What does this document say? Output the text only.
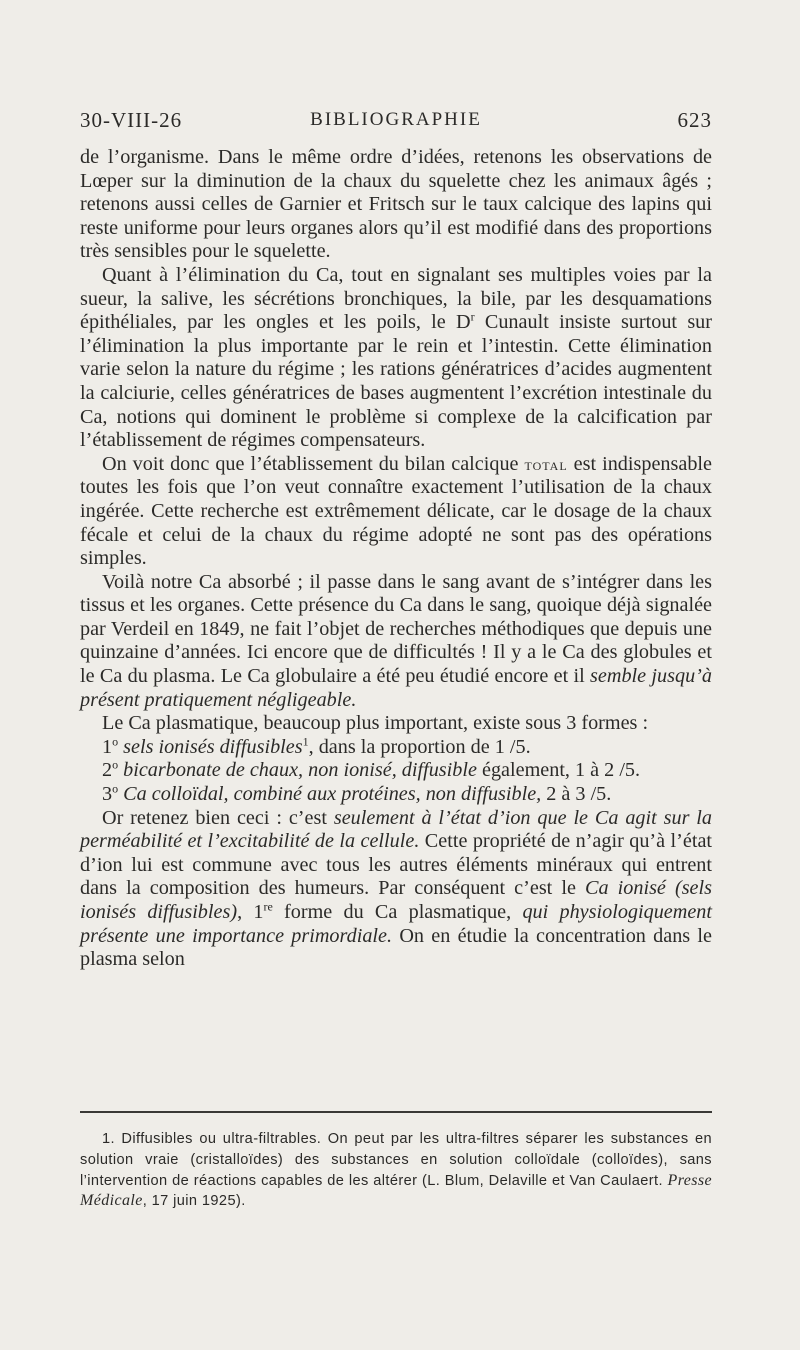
30-VIII-26	BIBLIOGRAPHIE	623

de l’organisme. Dans le même ordre d’idées, retenons les observations de Lœper sur la diminution de la chaux du squelette chez les animaux âgés ; retenons aussi celles de Garnier et Fritsch sur le taux calcique des lapins qui reste uniforme pour leurs organes alors qu’il est modifié dans des proportions très sensibles pour le squelette.

Quant à l’élimination du Ca, tout en signalant ses multiples voies par la sueur, la salive, les sécrétions bronchiques, la bile, par les desquamations épithéliales, par les ongles et les poils, le $D^r$ Cunault insiste surtout sur l’élimination la plus importante par le rein et l’intestin. Cette élimination varie selon la nature du régime ; les rations génératrices d’acides augmentent la calciurie, celles génératrices de bases augmentent l’excrétion intestinale du Ca, notions qui dominent le problème si complexe de la calcification par l’établissement de régimes compensateurs.

On voit donc que l’établissement du bilan calcique total est indispensable toutes les fois que l’on veut connaître exactement l’utilisation de la chaux ingérée. Cette recherche est extrêmement délicate, car le dosage de la chaux fécale et celui de la chaux du régime adopté ne sont pas des opérations simples.

Voilà notre Ca absorbé ; il passe dans le sang avant de s’intégrer dans les tissus et les organes. Cette présence du Ca dans le sang, quoique déjà signalée par Verdeil en 1849, ne fait l’objet de recherches méthodiques que depuis une quinzaine d’années. Ici encore que de difficultés ! Il y a le Ca des globules et le Ca du plasma. Le Ca globulaire a été peu étudié encore et il semble jusqu’à présent pratiquement négligeable.

Le Ca plasmatique, beaucoup plus important, existe sous 3 formes :

1$^o$ sels ionisés diffusibles$^1$, dans la proportion de 1 /5.

2$^o$ bicarbonate de chaux, non ionisé, diffusible également, 1 à 2 /5.

3$^o$ Ca colloïdal, combiné aux protéines, non diffusible, 2 à 3 /5.

Or retenez bien ceci : c’est seulement à l’état d’ion que le Ca agit sur la perméabilité et l’excitabilité de la cellule. Cette propriété de n’agir qu’à l’état d’ion lui est commune avec tous les autres éléments minéraux qui entrent dans la composition des humeurs. Par conséquent c’est le Ca ionisé (sels ionisés diffusibles), 1re forme du Ca plasmatique, qui physiologiquement présente une importance primordiale. On en étudie la concentration dans le plasma selon

1. Diffusibles ou ultra-filtrables. On peut par les ultra-filtres séparer les substances en solution vraie (cristalloïdes) des substances en solution colloïdale (colloïdes), sans l’intervention de réactions capables de les altérer (L. Blum, Delaville et Van Caulaert. Presse Médicale, 17 juin 1925).
